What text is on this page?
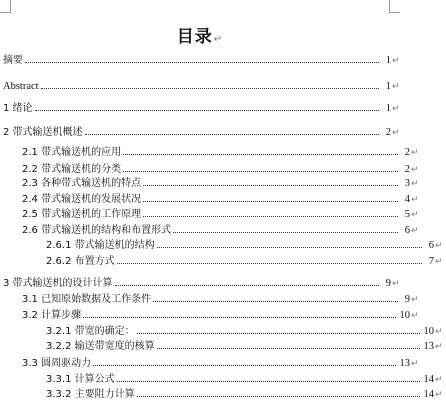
目录↵
摘要	1 ↵
Abstract	1 ↵
1 绪论	1 ↵
2 带式输送机概述	2 ↵
2.1 带式输送机的应用	2 ↵
2.2 带式输送机的分类	2 ↵
2.3 各种带式输送机的特点	3 ↵
2.4 带式输送机的发展状况	4 ↵
2.5 带式输送机的工作原理	5 ↵
2.6 带式输送机的结构和布置形式	6 ↵
2.6.1 带式输送机的结构	6 ↵
2.6.2 布置方式	7 ↵
3 带式输送机的设计计算	9 ↵
3.1 已知原始数据及工作条件	9 ↵
3.2 计算步骤	10 ↵
3.2.1 带宽的确定：	10 ↵
3.2.2 输送带宽度的核算	13 ↵
3.3 圆周驱动力	13 ↵
3.3.1 计算公式	14 ↵
3.3.2 主要阻力计算	14 ↵
